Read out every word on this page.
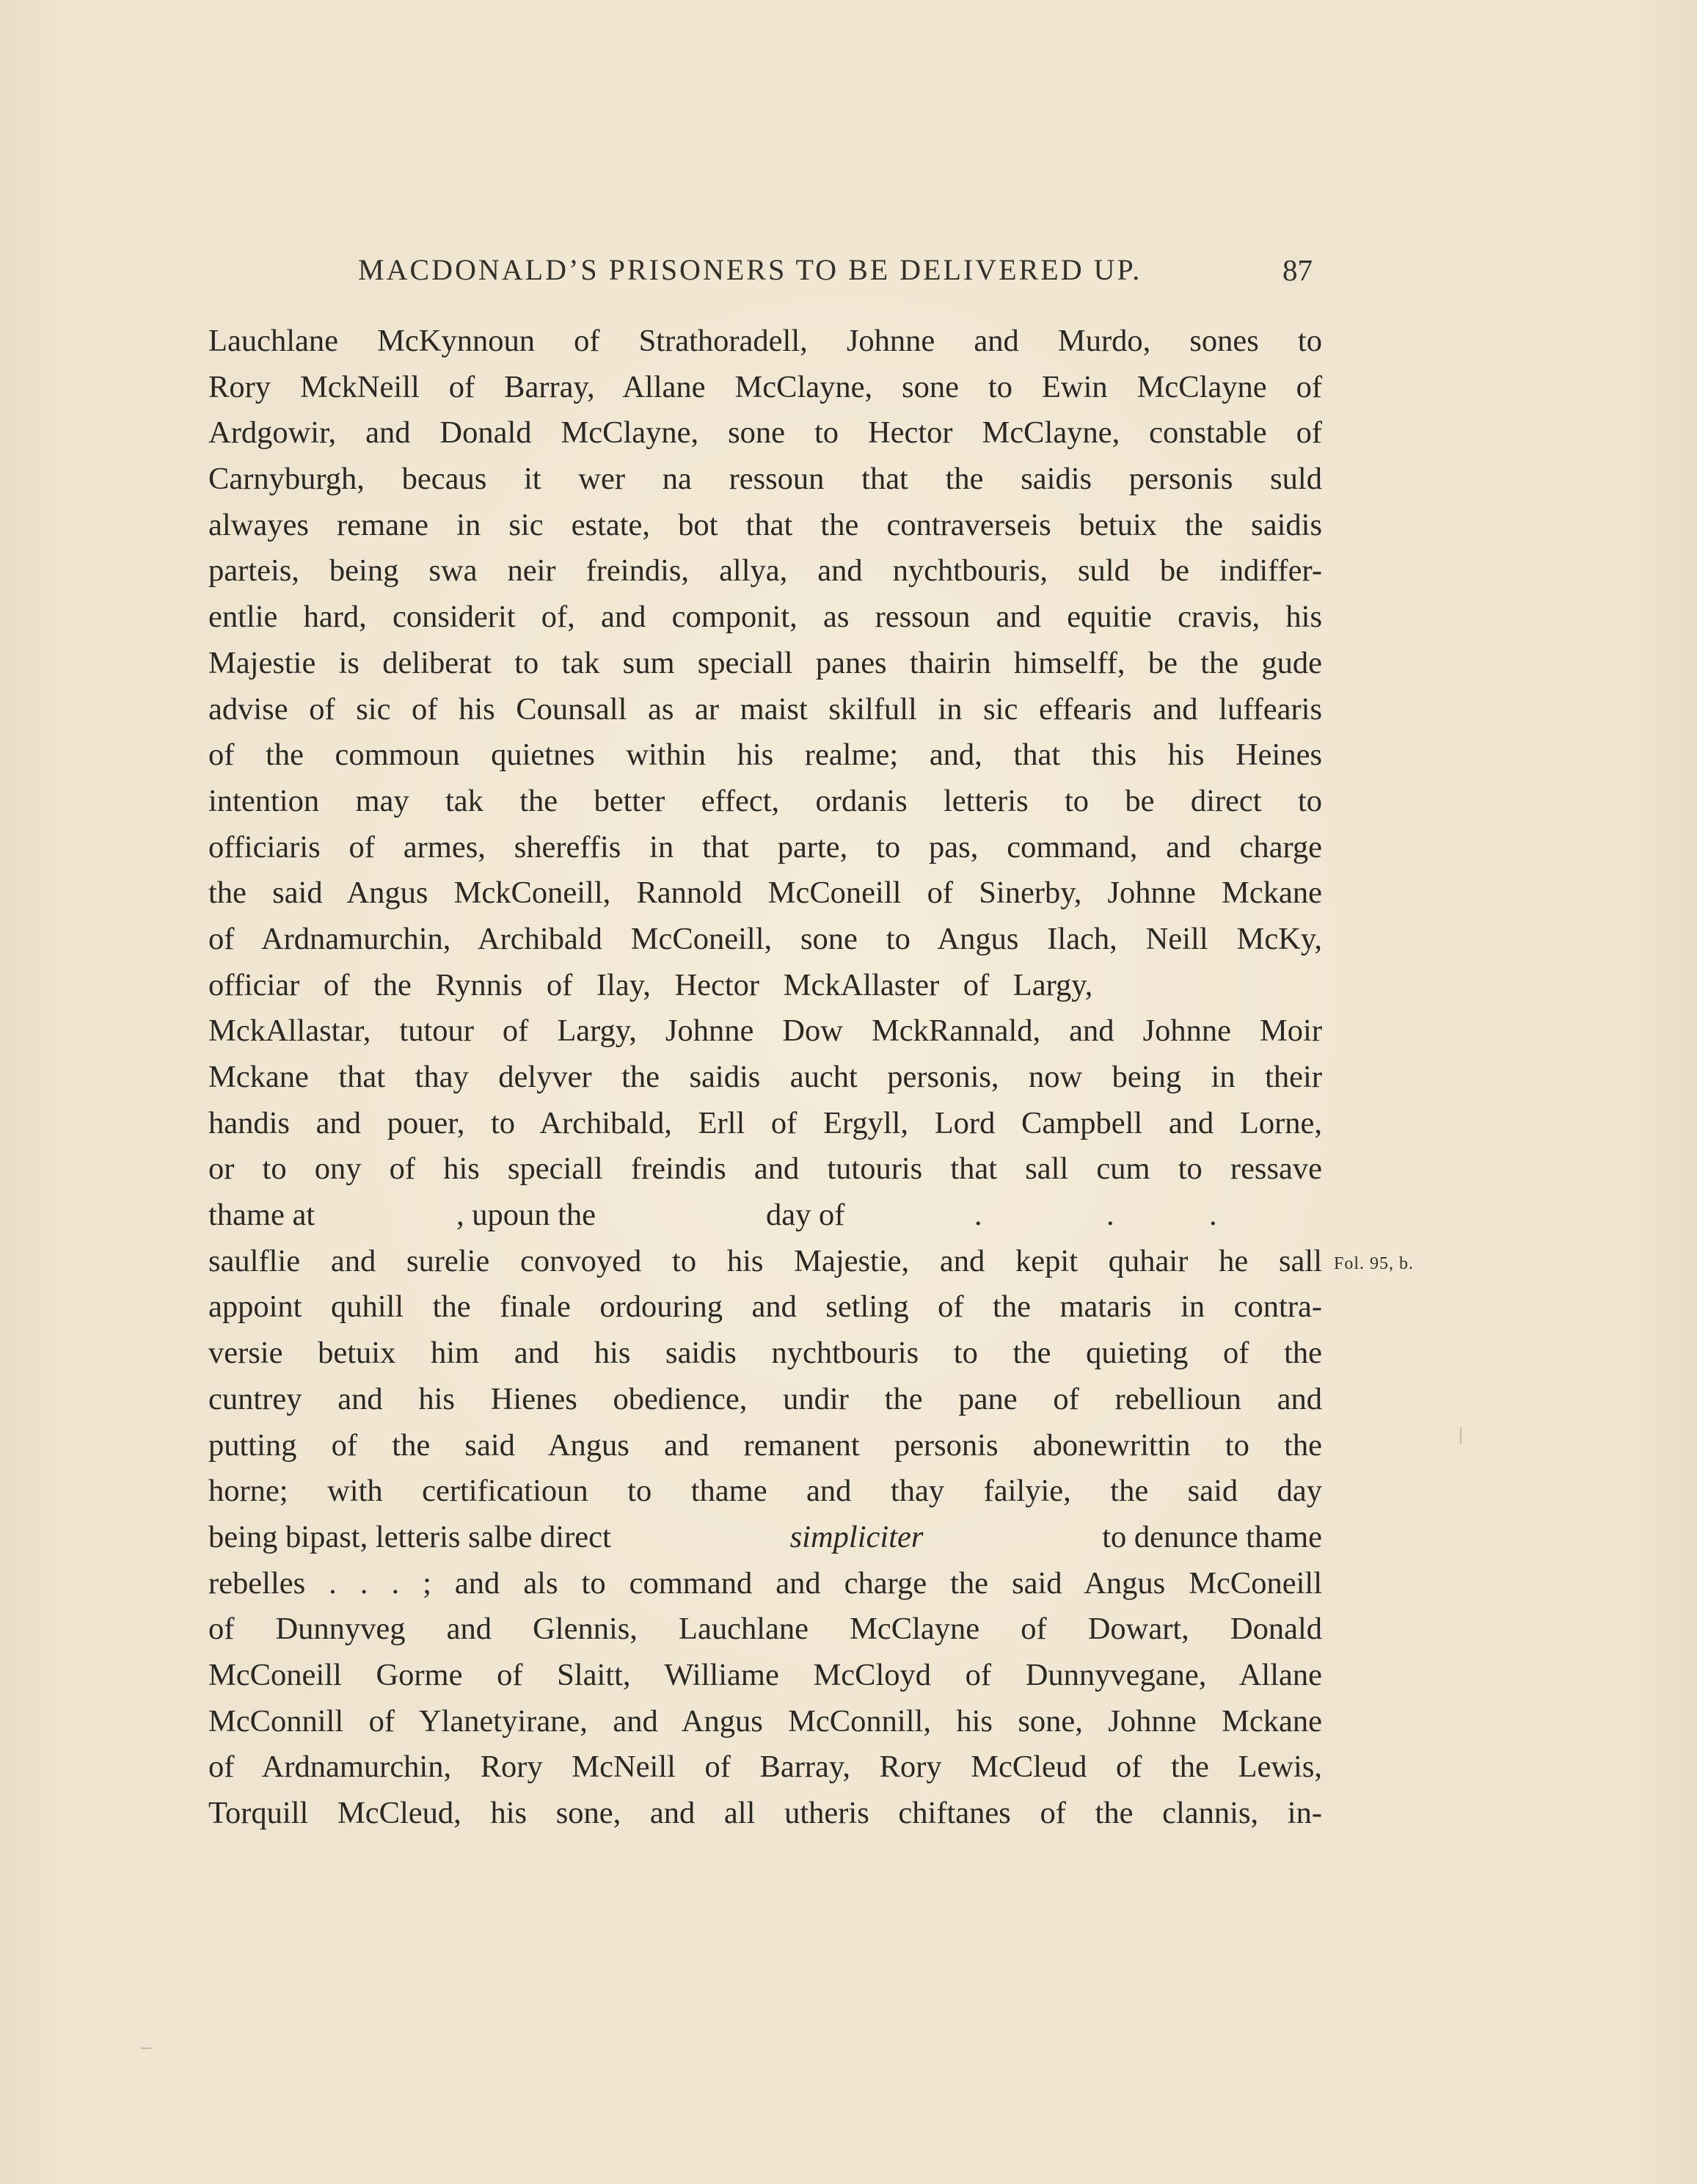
MACDONALD’S PRISONERS TO BE DELIVERED UP.	87
Fol. 95, b.
Lauchlane McKynnoun of Strathoradell, Johnne and Murdo, sones to
Rory MckNeill of Barray, Allane McClayne, sone to Ewin McClayne of
Ardgowir, and Donald McClayne, sone to Hector McClayne, constable of
Carnyburgh, becaus it wer na ressoun that the saidis personis suld
alwayes remane in sic estate, bot that the contraverseis betuix the saidis
parteis, being swa neir freindis, allya, and nychtbouris, suld be indiffer-
entlie hard, considerit of, and componit, as ressoun and equitie cravis, his
Majestie is deliberat to tak sum speciall panes thairin himselff, be the gude
advise of sic of his Counsall as ar maist skilfull in sic effearis and luffearis
of the commoun quietnes within his realme; and, that this his Heines
intention may tak the better effect, ordanis letteris to be direct to
officiaris of armes, shereffis in that parte, to pas, command, and charge
the said Angus MckConeill, Rannold McConeill of Sinerby, Johnne Mckane
of Ardnamurchin, Archibald McConeill, sone to Angus Ilach, Neill McKy,
officiar of the Rynnis of Ilay, Hector MckAllaster of Largy,
MckAllastar, tutour of Largy, Johnne Dow MckRannald, and Johnne Moir
Mckane that thay delyver the saidis aucht personis, now being in their
handis and pouer, to Archibald, Erll of Ergyll, Lord Campbell and Lorne,
or to ony of his speciall freindis and tutouris that sall cum to ressave
thame at	, upoun the	day of	.	.	.
saulflie and surelie convoyed to his Majestie, and kepit quhair he sall
appoint quhill the finale ordouring and setling of the mataris in contra-
versie betuix him and his saidis nychtbouris to the quieting of the
cuntrey and his Hienes obedience, undir the pane of rebellioun and
putting of the said Angus and remanent personis abonewrittin to the
horne; with certificatioun to thame and thay failyie, the said day
being bipast, letteris salbe direct	simpliciter	to denunce thame
rebelles . . . ; and als to command and charge the said Angus McConeill
of Dunnyveg and Glennis, Lauchlane McClayne of Dowart, Donald
McConeill Gorme of Slaitt, Williame McCloyd of Dunnyvegane, Allane
McConnill of Ylanetyirane, and Angus McConnill, his sone, Johnne Mckane
of Ardnamurchin, Rory McNeill of Barray, Rory McCleud of the Lewis,
Torquill McCleud, his sone, and all utheris chiftanes of the clannis, in-
